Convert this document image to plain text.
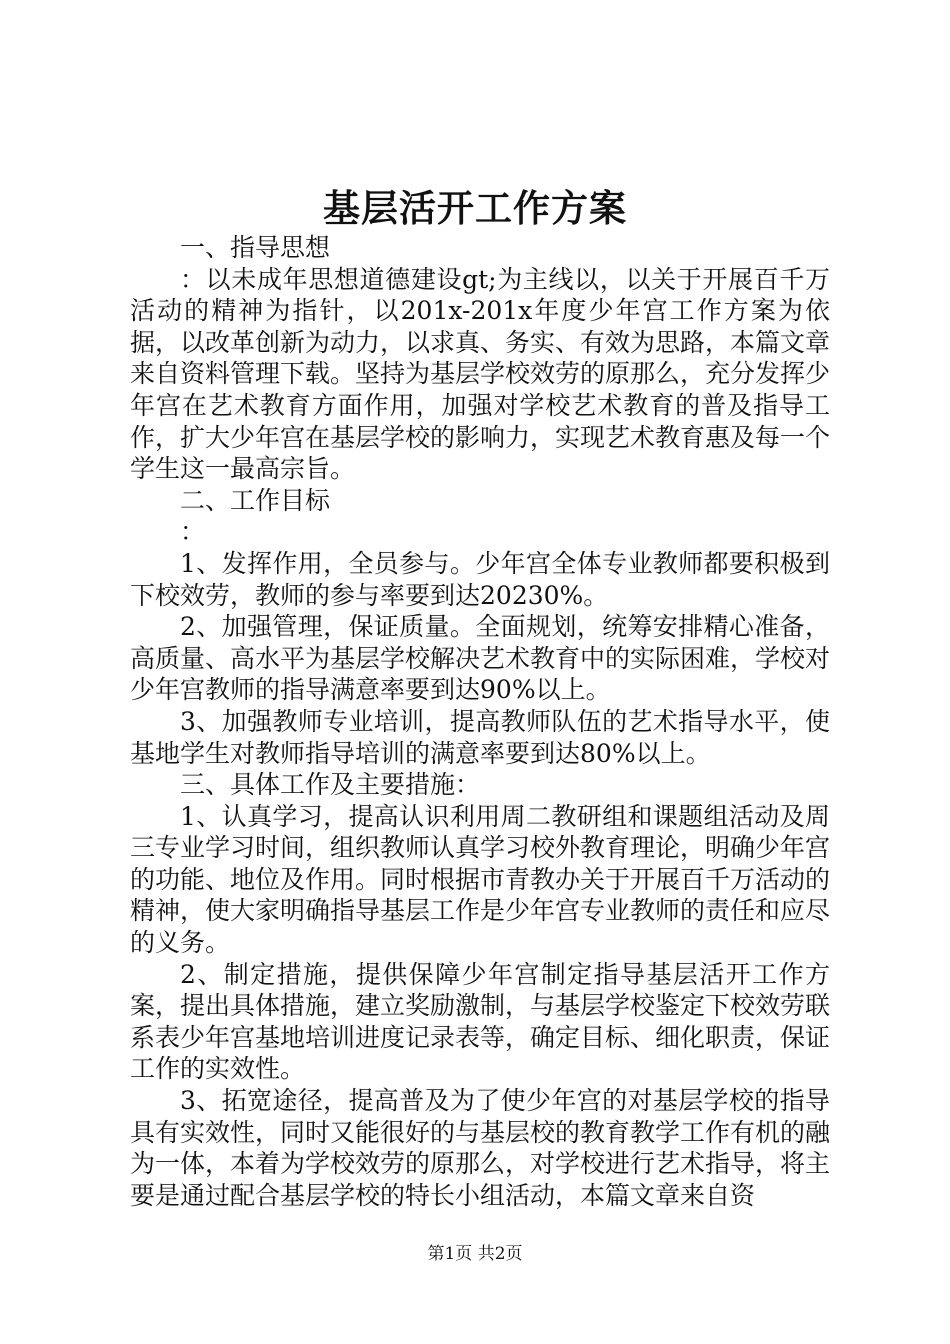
基层活开工作方案

一、指导思想

：以未成年思想道德建设gt;为主线以，以关于开展百千万活动的精神为指针，以201x-201x年度少年宫工作方案为依据，以改革创新为动力，以求真、务实、有效为思路，本篇文章来自资料管理下载。坚持为基层学校效劳的原那么，充分发挥少年宫在艺术教育方面作用，加强对学校艺术教育的普及指导工作，扩大少年宫在基层学校的影响力，实现艺术教育惠及每一个学生这一最高宗旨。

二、工作目标

：

1、发挥作用，全员参与。少年宫全体专业教师都要积极到下校效劳，教师的参与率要到达20230%。

2、加强管理，保证质量。全面规划，统筹安排精心准备，高质量、高水平为基层学校解决艺术教育中的实际困难，学校对少年宫教师的指导满意率要到达90%以上。

3、加强教师专业培训，提高教师队伍的艺术指导水平，使基地学生对教师指导培训的满意率要到达80%以上。

三、具体工作及主要措施：

1、认真学习，提高认识利用周二教研组和课题组活动及周三专业学习时间，组织教师认真学习校外教育理论，明确少年宫的功能、地位及作用。同时根据市青教办关于开展百千万活动的精神，使大家明确指导基层工作是少年宫专业教师的责任和应尽的义务。

2、制定措施，提供保障少年宫制定指导基层活开工作方案，提出具体措施，建立奖励激制，与基层学校鉴定下校效劳联系表少年宫基地培训进度记录表等，确定目标、细化职责，保证工作的实效性。

3、拓宽途径，提高普及为了使少年宫的对基层学校的指导具有实效性，同时又能很好的与基层校的教育教学工作有机的融为一体，本着为学校效劳的原那么，对学校进行艺术指导，将主要是通过配合基层学校的特长小组活动，本篇文章来自资

第1页 共2页
